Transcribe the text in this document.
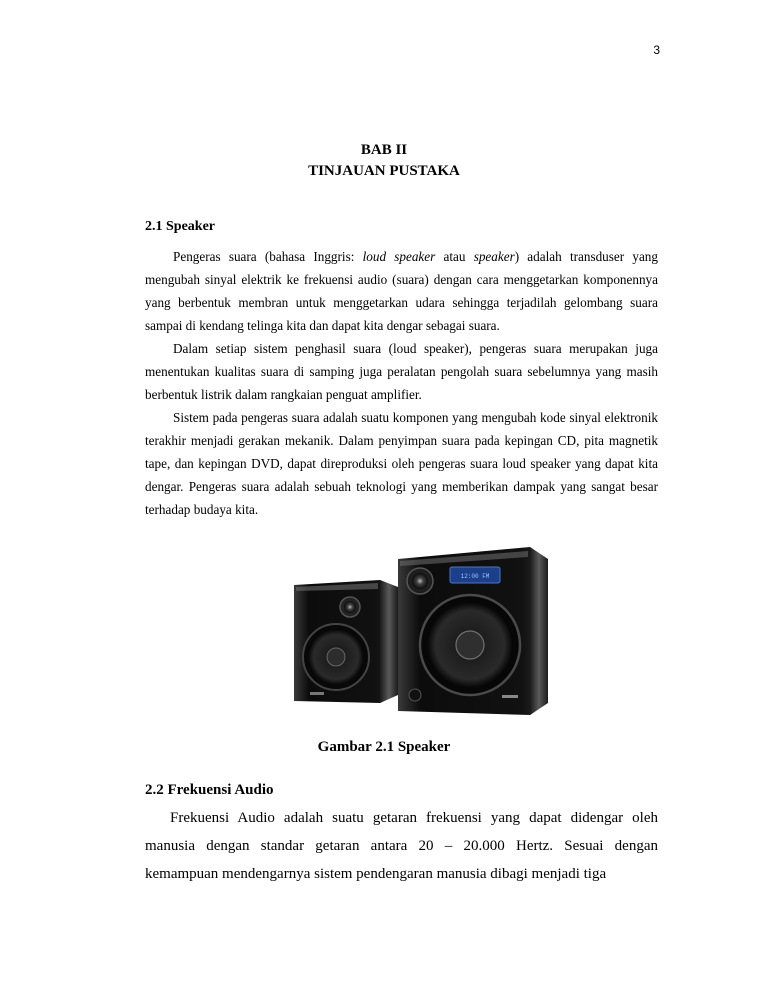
3
BAB II
TINJAUAN PUSTAKA
2.1 Speaker

Pengeras suara (bahasa Inggris: loud speaker atau speaker) adalah transduser yang mengubah sinyal elektrik ke frekuensi audio (suara) dengan cara menggetarkan komponennya yang berbentuk membran untuk menggetarkan udara sehingga terjadilah gelombang suara sampai di kendang telinga kita dan dapat kita dengar sebagai suara.

Dalam setiap sistem penghasil suara (loud speaker), pengeras suara merupakan juga menentukan kualitas suara di samping juga peralatan pengolah suara sebelumnya yang masih berbentuk listrik dalam rangkaian penguat amplifier.

Sistem pada pengeras suara adalah suatu komponen yang mengubah kode sinyal elektronik terakhir menjadi gerakan mekanik. Dalam penyimpan suara pada kepingan CD, pita magnetik tape, dan kepingan DVD, dapat direproduksi oleh pengeras suara loud speaker yang dapat kita dengar. Pengeras suara adalah sebuah teknologi yang memberikan dampak yang sangat besar terhadap budaya kita.

12:00 FM
Gambar 2.1 Speaker
2.2 Frekuensi Audio

Frekuensi Audio adalah suatu getaran frekuensi yang dapat didengar oleh manusia dengan standar getaran antara 20 – 20.000 Hertz. Sesuai dengan kemampuan mendengarnya sistem pendengaran manusia dibagi menjadi tiga
